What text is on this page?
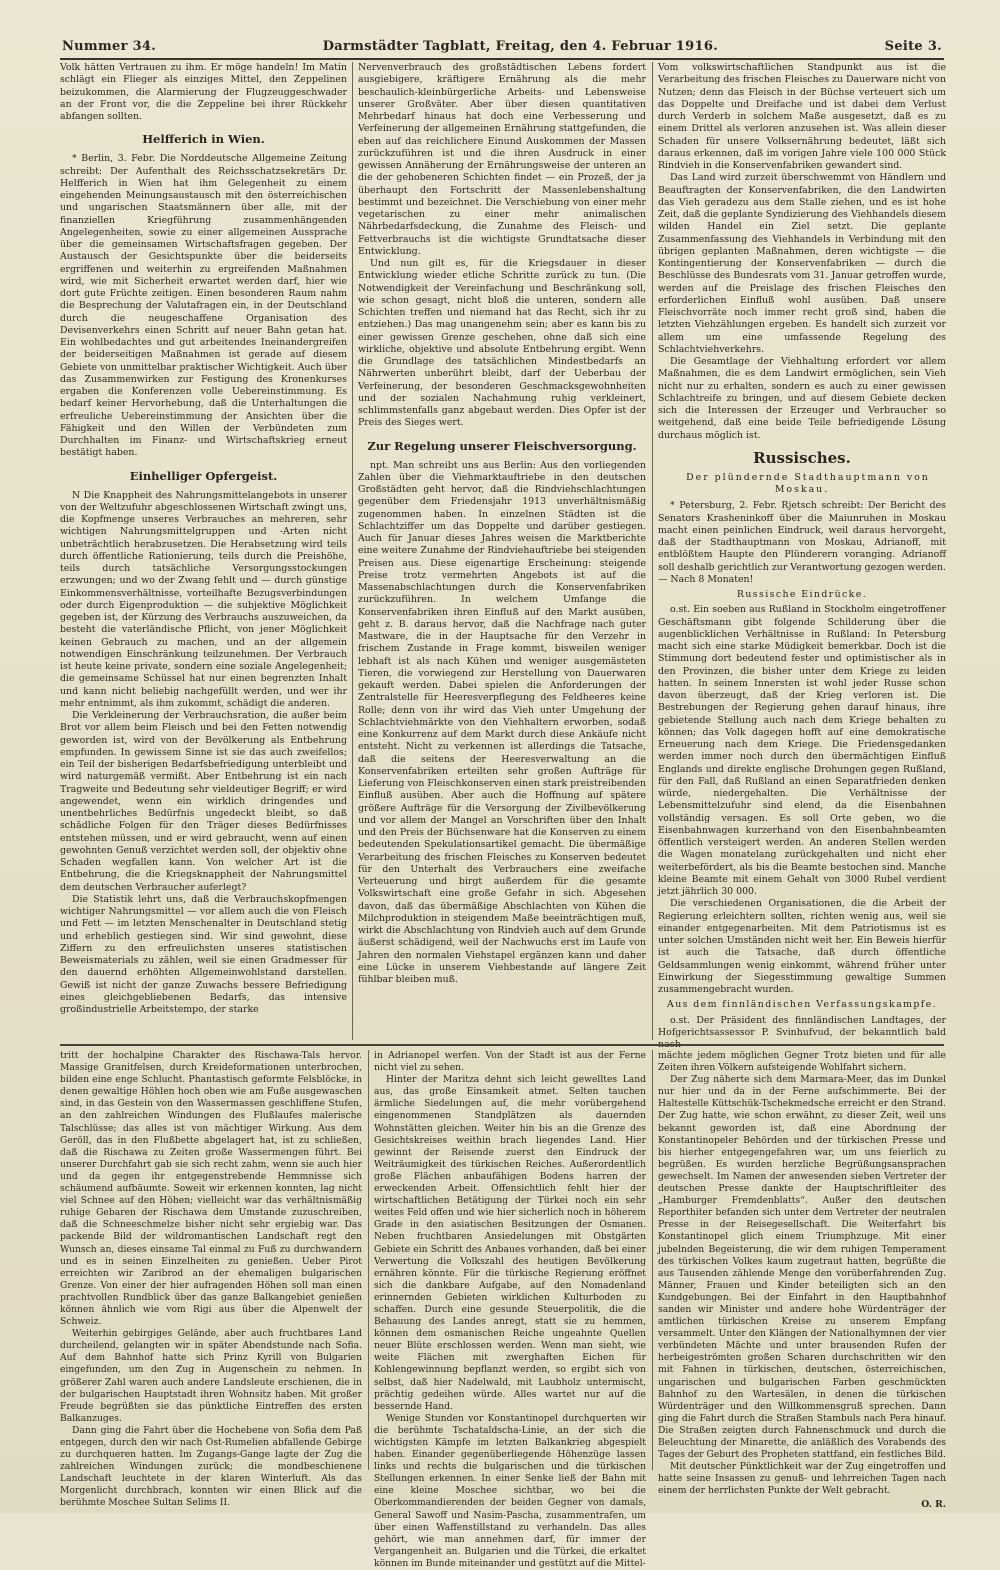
Nummer 34.	Darmstädter Tagblatt, Freitag, den 4. Februar 1916.	Seite 3.

Volk hätten Vertrauen zu ihm. Er möge handeln! Im Matin schlägt ein Flieger als einziges Mittel, den Zeppelinen beizukommen, die Alarmierung der Flugzeuggeschwader an der Front vor, die die Zeppeline bei ihrer Rückkehr abfangen sollten.

Helfferich in Wien.

* Berlin, 3. Febr. Die Norddeutsche Allgemeine Zeitung schreibt: Der Aufenthalt des Reichsschatzsekretärs Dr. Helfferich in Wien hat ihm Gelegenheit zu einem eingehenden Meinungsaustausch mit den österreichischen und ungarischen Staatsmännern über alle, mit der finanziellen Kriegführung zusammenhängenden Angelegenheiten, sowie zu einer allgemeinen Aussprache über die gemeinsamen Wirtschaftsfragen gegeben. Der Austausch der Gesichtspunkte über die beiderseits ergriffenen und weiterhin zu ergreifenden Maßnahmen wird, wie mit Sicherheit erwartet werden darf, hier wie dort gute Früchte zeitigen. Einen besonderen Raum nahm die Besprechung der Valutafragen ein, in der Deutschland durch die neugeschaffene Organisation des Devisenverkehrs einen Schritt auf neuer Bahn getan hat. Ein wohlbedachtes und gut arbeitendes Ineinandergreifen der beiderseitigen Maßnahmen ist gerade auf diesem Gebiete von unmittelbar praktischer Wichtigkeit. Auch über das Zusammenwirken zur Festigung des Kronenkurses ergaben die Konferenzen volle Uebereinstimmung. Es bedarf keiner Hervorhebung, daß die Unterhaltungen die erfreuliche Uebereinstimmung der Ansichten über die Fähigkeit und den Willen der Verbündeten zum Durchhalten im Finanz- und Wirtschaftskrieg erneut bestätigt haben.

Einhelliger Opfergeist.

N Die Knappheit des Nahrungsmittelangebots in unserer von der Weltzufuhr abgeschlossenen Wirtschaft zwingt uns, die Kopfmenge unseres Verbrauches an mehreren, sehr wichtigen Nahrungsmittelgruppen und -Arten nicht unbeträchtlich herabzusetzen. Die Herabsetzung wird teils durch öffentliche Rationierung, teils durch die Preishöhe, teils durch tatsächliche Versorgungsstockungen erzwungen; und wo der Zwang fehlt und — durch günstige Einkommensverhältnisse, vorteilhafte Bezugsverbindungen oder durch Eigenproduktion — die subjektive Möglichkeit gegeben ist, der Kürzung des Verbrauchs auszuweichen, da besteht die vaterländische Pflicht, von jener Möglichkeit keinen Gebrauch zu machen, und an der allgemein notwendigen Einschränkung teilzunehmen. Der Verbrauch ist heute keine private, sondern eine soziale Angelegenheit; die gemeinsame Schüssel hat nur einen begrenzten Inhalt und kann nicht beliebig nachgefüllt werden, und wer ihr mehr entnimmt, als ihm zukommt, schädigt die anderen.

Die Verkleinerung der Verbrauchsration, die außer beim Brot vor allem beim Fleisch und bei den Fetten notwendig geworden ist, wird von der Bevölkerung als Entbehrung empfunden. In gewissem Sinne ist sie das auch zweifellos; ein Teil der bisherigen Bedarfsbefriedigung unterbleibt und wird naturgemäß vermißt. Aber Entbehrung ist ein nach Tragweite und Bedeutung sehr vieldeutiger Begriff; er wird angewendet, wenn ein wirklich dringendes und unentbehrliches Bedürfnis ungedeckt bleibt, so daß schädliche Folgen für den Träger dieses Bedürfnisses entstehen müssen, und er wird gebraucht, wenn auf einen gewohnten Genuß verzichtet werden soll, der objektiv ohne Schaden wegfallen kann. Von welcher Art ist die Entbehrung, die die Kriegsknappheit der Nahrungsmittel dem deutschen Verbraucher auferlegt?

Die Statistik lehrt uns, daß die Verbrauchskopfmengen wichtiger Nahrungsmittel — vor allem auch die von Fleisch und Fett — im letzten Menschenalter in Deutschland stetig und erheblich gestiegen sind. Wir sind gewohnt, diese Ziffern zu den erfreulichsten unseres statistischen Beweismaterials zu zählen, weil sie einen Gradmesser für den dauernd erhöhten Allgemeinwohlstand darstellen. Gewiß ist nicht der ganze Zuwachs bessere Befriedigung eines gleichgebliebenen Bedarfs, das intensive großindustrielle Arbeitstempo, der starke

Nervenverbrauch des großstädtischen Lebens fordert ausgiebigere, kräftigere Ernährung als die mehr beschaulich-kleinbürgerliche Arbeits- und Lebensweise unserer Großväter. Aber über diesen quantitativen Mehrbedarf hinaus hat doch eine Verbesserung und Verfeinerung der allgemeinen Ernährung stattgefunden, die eben auf das reichlichere Einund Auskommen der Massen zurückzuführen ist und die ihren Ausdruck in einer gewissen Annäherung der Ernährungsweise der unteren an die der gehobeneren Schichten findet — ein Prozeß, der ja überhaupt den Fortschritt der Massenlebenshaltung bestimmt und bezeichnet. Die Verschiebung von einer mehr vegetarischen zu einer mehr animalischen Nährbedarfsdeckung, die Zunahme des Fleisch- und Fettverbrauchs ist die wichtigste Grundtatsache dieser Entwicklung.

Und nun gilt es, für die Kriegsdauer in dieser Entwicklung wieder etliche Schritte zurück zu tun. (Die Notwendigkeit der Vereinfachung und Beschränkung soll, wie schon gesagt, nicht bloß die unteren, sondern alle Schichten treffen und niemand hat das Recht, sich ihr zu entziehen.) Das mag unangenehm sein; aber es kann bis zu einer gewissen Grenze geschehen, ohne daß sich eine wirkliche, objektive und absolute Entbehrung ergibt. Wenn die Grundlage des tatsächlichen Mindestbedarfs an Nährwerten unberührt bleibt, darf der Ueberbau der Verfeinerung, der besonderen Geschmacksgewohnheiten und der sozialen Nachahmung ruhig verkleinert, schlimmstenfalls ganz abgebaut werden. Dies Opfer ist der Preis des Sieges wert.

Zur Regelung unserer Fleischversorgung.

npt. Man schreibt uns aus Berlin: Aus den vorliegenden Zahlen über die Viehmarktauftriebe in den deutschen Großstädten geht hervor, daß die Rindviehschlachtungen gegenüber dem Friedensjahr 1913 unverhältnismäßig zugenommen haben. In einzelnen Städten ist die Schlachtziffer um das Doppelte und darüber gestiegen. Auch für Januar dieses Jahres weisen die Marktberichte eine weitere Zunahme der Rindviehauftriebe bei steigenden Preisen aus. Diese eigenartige Erscheinung: steigende Preise trotz vermehrten Angebots ist auf die Massenabschlachtungen durch die Konservenfabriken zurückzuführen. In welchem Umfange die Konservenfabriken ihren Einfluß auf den Markt ausüben, geht z. B. daraus hervor, daß die Nachfrage nach guter Mastware, die in der Hauptsache für den Verzehr in frischem Zustande in Frage kommt, bisweilen weniger lebhaft ist als nach Kühen und weniger ausgemästeten Tieren, die vorwiegend zur Herstellung von Dauerwaren gekauft werden. Dabei spielen die Anforderungen der Zentralstelle für Heeresverpflegung des Feldheeres keine Rolle; denn von ihr wird das Vieh unter Umgehung der Schlachtviehmärkte von den Viehhaltern erworben, sodaß eine Konkurrenz auf dem Markt durch diese Ankäufe nicht entsteht. Nicht zu verkennen ist allerdings die Tatsache, daß die seitens der Heeresverwaltung an die Konservenfabriken erteilten sehr großen Aufträge für Lieferung von Fleischkonserven einen stark preistreibenden Einfluß ausüben. Aber auch die Hoffnung auf spätere größere Aufträge für die Versorgung der Zivilbevölkerung und vor allem der Mangel an Vorschriften über den Inhalt und den Preis der Büchsenware hat die Konserven zu einem bedeutenden Spekulationsartikel gemacht. Die übermäßige Verarbeitung des frischen Fleisches zu Konserven bedeutet für den Unterhalt des Verbrauchers eine zweifache Verteuerung und birgt außerdem für die gesamte Volkswirtschaft eine große Gefahr in sich. Abgesehen davon, daß das übermäßige Abschlachten von Kühen die Milchproduktion in steigendem Maße beeinträchtigen muß, wirkt die Abschlachtung von Rindvieh auch auf dem Grunde äußerst schädigend, weil der Nachwuchs erst im Laufe von Jahren den normalen Viehstapel ergänzen kann und daher eine Lücke in unserem Viehbestande auf längere Zeit fühlbar bleiben muß.

Vom volkswirtschaftlichen Standpunkt aus ist die Verarbeitung des frischen Fleisches zu Dauerware nicht von Nutzen; denn das Fleisch in der Büchse verteuert sich um das Doppelte und Dreifache und ist dabei dem Verlust durch Verderb in solchem Maße ausgesetzt, daß es zu einem Drittel als verloren anzusehen ist. Was allein dieser Schaden für unsere Volksernährung bedeutet, läßt sich daraus erkennen, daß im vorigen Jahre viele 100 000 Stück Rindvieh in die Konservenfabriken gewandert sind.

Das Land wird zurzeit überschwemmt von Händlern und Beauftragten der Konservenfabriken, die den Landwirten das Vieh geradezu aus dem Stalle ziehen, und es ist hohe Zeit, daß die geplante Syndizierung des Viehhandels diesem wilden Handel ein Ziel setzt. Die geplante Zusammenfassung des Viehhandels in Verbindung mit den übrigen geplanten Maßnahmen, deren wichtigste — die Kontingentierung der Konservenfabriken — durch die Beschlüsse des Bundesrats vom 31. Januar getroffen wurde, werden auf die Preislage des frischen Fleisches den erforderlichen Einfluß wohl ausüben. Daß unsere Fleischvorräte noch immer recht groß sind, haben die letzten Viehzählungen ergeben. Es handelt sich zurzeit vor allem um eine umfassende Regelung des Schlachtviehverkehrs.

Die Gesamtlage der Viehhaltung erfordert vor allem Maßnahmen, die es dem Landwirt ermöglichen, sein Vieh nicht nur zu erhalten, sondern es auch zu einer gewissen Schlachtreife zu bringen, und auf diesem Gebiete decken sich die Interessen der Erzeuger und Verbraucher so weitgehend, daß eine beide Teile befriedigende Lösung durchaus möglich ist.

Russisches.

Der plündernde Stadthauptmann von Moskau.

* Petersburg, 2. Febr. Rjetsch schreibt: Der Bericht des Senators Krasheninkoff über die Maiunruhen in Moskau macht einen peinlichen Eindruck, weil daraus hervorgeht, daß der Stadthauptmann von Moskau, Adrianoff, mit entblößtem Haupte den Plünderern voranging. Adrianoff soll deshalb gerichtlich zur Verantwortung gezogen werden. — Nach 8 Monaten!

Russische Eindrücke.

o.st. Ein soeben aus Rußland in Stockholm eingetroffener Geschäftsmann gibt folgende Schilderung über die augenblicklichen Verhältnisse in Rußland: In Petersburg macht sich eine starke Müdigkeit bemerkbar. Doch ist die Stimmung dort bedeutend fester und optimistischer als in den Provinzen, die bisher unter dem Kriege zu leiden hatten. In seinem Innersten ist wohl jeder Russe schon davon überzeugt, daß der Krieg verloren ist. Die Bestrebungen der Regierung gehen darauf hinaus, ihre gebietende Stellung auch nach dem Kriege behalten zu können; das Volk dagegen hofft auf eine demokratische Erneuerung nach dem Kriege. Die Friedensgedanken werden immer noch durch den übermächtigen Einfluß Englands und direkte englische Drohungen gegen Rußland, für den Fall, daß Rußland an einen Separatfrieden denken würde, niedergehalten. Die Verhältnisse der Lebensmittelzufuhr sind elend, da die Eisenbahnen vollständig versagen. Es soll Orte geben, wo die Eisenbahnwagen kurzerhand von den Eisenbahnbeamten öffentlich versteigert werden. An anderen Stellen werden die Wagen monatelang zurückgehalten und nicht eher weiterbefördert, als bis die Beamte bestochen sind. Manche kleine Beamte mit einem Gehalt von 3000 Rubel verdient jetzt jährlich 30 000.

Die verschiedenen Organisationen, die die Arbeit der Regierung erleichtern sollten, richten wenig aus, weil sie einander entgegenarbeiten. Mit dem Patriotismus ist es unter solchen Umständen nicht weit her. Ein Beweis hierfür ist auch die Tatsache, daß durch öffentliche Geldsammlungen wenig einkommt, während früher unter Einwirkung der Siegesstimmung gewaltige Summen zusammengebracht wurden.

Aus dem finnländischen Verfassungskampfe.

o.st. Der Präsident des finnländischen Landtages, der Hofgerichtsassessor P. Svinhufvud, der bekanntlich bald nach

tritt der hochalpine Charakter des Rischawa-Tals hervor. Massige Granitfelsen, durch Kreideformationen unterbrochen, bilden eine enge Schlucht. Phantastisch geformte Felsblöcke, in denen gewaltige Höhlen hoch oben wie am Fuße ausgewaschen sind, in das Gestein von den Wassermassen geschliffene Stufen, an den zahlreichen Windungen des Flußlaufes malerische Talschlüsse; das alles ist von mächtiger Wirkung. Aus dem Geröll, das in den Flußbette abgelagert hat, ist zu schließen, daß die Rischawa zu Zeiten große Wassermengen führt. Bei unserer Durchfahrt gab sie sich recht zahm, wenn sie auch hier und da gegen ihr entgegenstrebende Hemmnisse sich schäumend aufbäumte. Soweit wir erkennen konnten, lag nicht viel Schnee auf den Höhen; vielleicht war das verhältnismäßig ruhige Gebaren der Rischawa dem Umstande zuzuschreiben, daß die Schneeschmelze bisher nicht sehr ergiebig war. Das packende Bild der wildromantischen Landschaft regt den Wunsch an, dieses einsame Tal einmal zu Fuß zu durchwandern und es in seinen Einzelheiten zu genießen. Ueber Pirot erreichten wir Zaribrod an der ehemaligen bulgarischen Grenze. Von einer der hier aufragenden Höhen soll man einen prachtvollen Rundblick über das ganze Balkangebiet genießen können ähnlich wie vom Rigi aus über die Alpenwelt der Schweiz.

Weiterhin gebirgiges Gelände, aber auch fruchtbares Land durcheilend, gelangten wir in später Abendstunde nach Sofia. Auf dem Bahnhof hatte sich Prinz Kyrill von Bulgarien eingefunden, um den Zug in Augenschein zu nehmen. In größerer Zahl waren auch andere Landsleute erschienen, die in der bulgarischen Hauptstadt ihren Wohnsitz haben. Mit großer Freude begrüßten sie das pünktliche Eintreffen des ersten Balkanzuges.

Dann ging die Fahrt über die Hochebene von Sofia dem Paß entgegen, durch den wir nach Ost-Rumelien abfallende Gebirge zu durchqueren hatten. Im Zugangs-Gange lagte der Zug die zahlreichen Windungen zurück; die mondbeschienene Landschaft leuchtete in der klaren Winterluft. Als das Morgenlicht durchbrach, konnten wir einen Blick auf die berühmte Moschee Sultan Selims II.

in Adrianopel werfen. Von der Stadt ist aus der Ferne nicht viel zu sehen.

Hinter der Maritza dehnt sich leicht gewelltes Land aus, das große Einsamkeit atmet. Selten tauchen ärmliche Siedelungen auf, die mehr vorübergehend eingenommenen Standplätzen als dauernden Wohnstätten gleichen. Weiter hin bis an die Grenze des Gesichtskreises weithin brach liegendes Land. Hier gewinnt der Reisende zuerst den Eindruck der Weiträumigkeit des türkischen Reiches. Außerordentlich große Flächen anbaufähigen Bodens harren der erweckenden Arbeit. Offensichtlich fehlt hier der wirtschaftlichen Betätigung der Türkei noch ein sehr weites Feld offen und wie hier sicherlich noch in höherem Grade in den asiatischen Besitzungen der Osmanen. Neben fruchtbaren Ansiedelungen mit Obstgärten Gebiete ein Schritt des Anbaues vorhanden, daß bei einer Verwertung die Volkszahl des heutigen Bevölkerung ernähren könnte. Für die türkische Regierung eröffnet sich die dankbare Aufgabe, auf den Nomadenland erinnernden Gebieten wirklichen Kulturboden zu schaffen. Durch eine gesunde Steuerpolitik, die die Behauung des Landes anregt, statt sie zu hemmen, können dem osmanischen Reiche ungeahnte Quellen neuer Blüte erschlossen werden. Wenn man sieht, wie weite Flächen mit zwerghaften Eichen für Kohlengewinnung bepflanzt werden, so ergibt sich von selbst, daß hier Nadelwald, mit Laubholz untermischt, prächtig gedeihen würde. Alles wartet nur auf die bessernde Hand.

Wenige Stunden vor Konstantinopel durchquerten wir die berühmte Tschataldscha-Linie, an der sich die wichtigsten Kämpfe im letzten Balkankrieg abgespielt haben. Einander gegenüberliegende Höhenzüge lassen links und rechts die bulgarischen und die türkischen Stellungen erkennen. In einer Senke ließ der Bahn mit eine kleine Moschee sichtbar, wo bei die Oberkommandierenden der beiden Gegner von damals, General Sawoff und Nasim-Pascha, zusammentrafen, um über einen Waffenstillstand zu verhandeln. Das alles gehört, wie man annehmen darf, für immer der Vergangenheit an. Bulgarien und die Türkei, die erkaltet können im Bunde miteinander und gestützt auf die Mittel-

mächte jedem möglichen Gegner Trotz bieten und für alle Zeiten ihren Völkern aufsteigende Wohlfahrt sichern.

Der Zug näherte sich dem Marmara-Meer, das im Dunkel nur hier und da in der Ferne aufschimmerte. Bei der Haltestelle Küttschük-Tschekmedsche erreicht er den Strand. Der Zug hatte, wie schon erwähnt, zu dieser Zeit, weil uns bekannt geworden ist, daß eine Abordnung der Konstantinopeler Behörden und der türkischen Presse und bis hierher entgegengefahren war, um uns feierlich zu begrüßen. Es wurden herzliche Begrüßungsansprachen gewechselt. Im Namen der anwesenden sieben Vertreter der deutschen Presse dankte der Hauptschriftleiter des „Hamburger Fremdenblatts“. Außer den deutschen Reporthiter befanden sich unter dem Vertreter der neutralen Presse in der Reisegesellschaft. Die Weiterfahrt bis Konstantinopel glich einem Triumphzuge. Mit einer jubelnden Begeisterung, die wir dem ruhigen Temperament des türkischen Volkes kaum zugetraut hatten, begrüßte die aus Tausenden zählende Menge den vorüberfahrenden Zug. Männer, Frauen und Kinder beteiligten sich an den Kundgebungen. Bei der Einfahrt in den Hauptbahnhof sanden wir Minister und andere hohe Würdenträger der amtlichen türkischen Kreise zu unserem Empfang versammelt. Unter den Klängen der Nationalhymnen der vier verbündeten Mächte und unter brausenden Rufen der herbeigeströmten großen Scharen durchschritten wir den mit Fahnen in türkischen, deutschen, österreichischen, ungarischen und bulgarischen Farben geschmückten Bahnhof zu den Wartesälen, in denen die türkischen Würdenträger und den Willkommensgruß sprechen. Dann ging die Fahrt durch die Straßen Stambuls nach Pera hinauf. Die Straßen zeigten durch Fahnenschmuck und durch die Beleuchtung der Minarette, die anläßlich des Vorabends des Tages der Geburt des Propheten stattfand, ein festliches Bild.

Mit deutscher Pünktlichkeit war der Zug eingetroffen und hatte seine Insassen zu genuß- und lehrreichen Tagen nach einem der herrlichsten Punkte der Welt gebracht.

O. R.
